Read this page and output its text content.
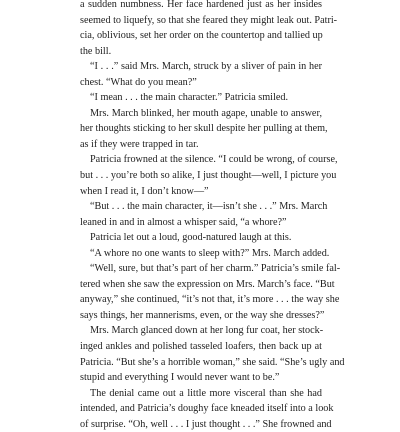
a sudden numbness. Her face hardened just as her insides
seemed to liquefy, so that she feared they might leak out. Patri-
cia, oblivious, set her order on the countertop and tallied up
the bill.
“I . . .” said Mrs. March, struck by a sliver of pain in her
chest. “What do you mean?”
“I mean . . . the main character.” Patricia smiled.
Mrs. March blinked, her mouth agape, unable to answer,
her thoughts sticking to her skull despite her pulling at them,
as if they were trapped in tar.
Patricia frowned at the silence. “I could be wrong, of course,
but . . . you’re both so alike, I just thought—well, I picture you
when I read it, I don’t know—”
“But . . . the main character, it—isn’t she . . .” Mrs. March
leaned in and in almost a whisper said, “a whore?”
Patricia let out a loud, good-natured laugh at this.
“A whore no one wants to sleep with?” Mrs. March added.
“Well, sure, but that’s part of her charm.” Patricia’s smile fal-
tered when she saw the expression on Mrs. March’s face. “But
anyway,” she continued, “it’s not that, it’s more . . . the way she
says things, her mannerisms, even, or the way she dresses?”
Mrs. March glanced down at her long fur coat, her stock-
inged ankles and polished tasseled loafers, then back up at
Patricia. “But she’s a horrible woman,” she said. “She’s ugly and
stupid and everything I would never want to be.”
The denial came out a little more visceral than she had
intended, and Patricia’s doughy face kneaded itself into a look
of surprise. “Oh, well . . . I just thought . . .” She frowned and
